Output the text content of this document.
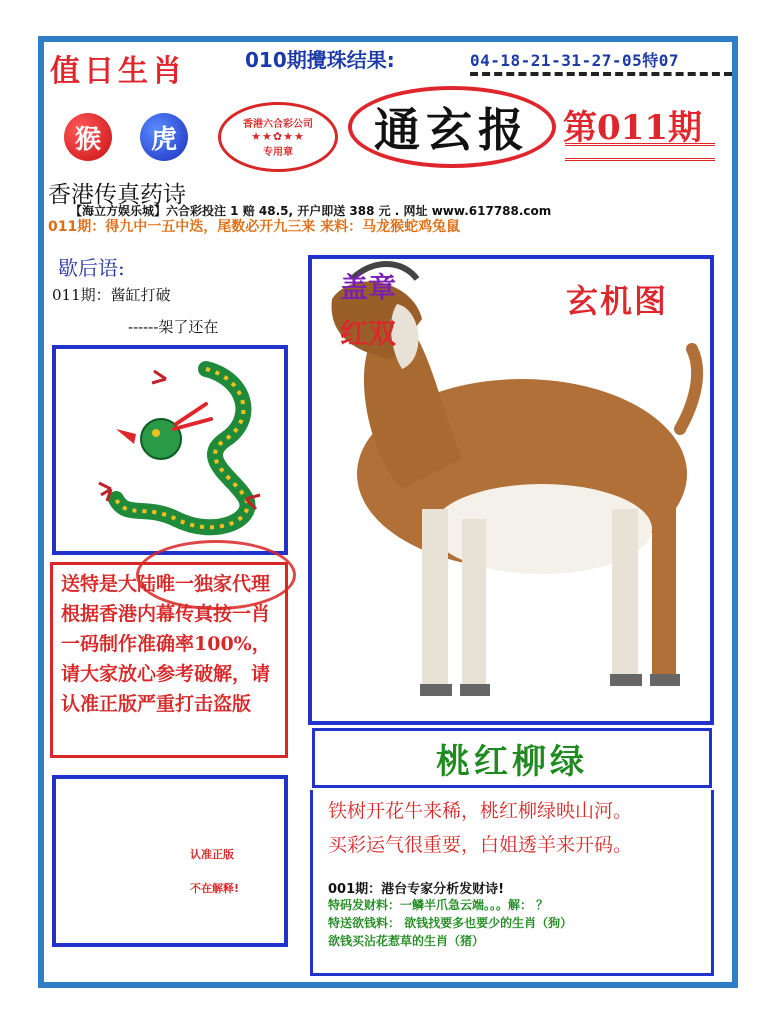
值日生肖	010期攪珠结果:	04-18-21-31-27-05特07
猴	虎	香港六合彩公司
★★✿★★
专用章	通玄报 第011期
香港传真药诗
【海立方娱乐城】六合彩投注 1 赔 48.5, 开户即送 388 元 . 网址 www.617788.com
011期：得九中一五中迭，尾数必开九三来 来料：马龙猴蛇鸡兔鼠
歇后语:
011期：酱缸打破
------架了还在
送特是大陆唯一独家代理根据香港内幕传真按一肖一码制作准确率100%，请大家放心参考破解，请认准正版严重打击盗版
认准正版
不在解释!
盖章
红双
玄机图
桃红柳绿
铁树开花牛来稀，桃红柳绿映山河。
买彩运气很重要，白姐透羊来开码。
001期：港台专家分析发财诗!
特码发财料：一鳞半爪急云端。。。解： ？
特送欲钱料： 欲钱找要多也要少的生肖（狗）
欲钱买沾花惹草的生肖（猪）
